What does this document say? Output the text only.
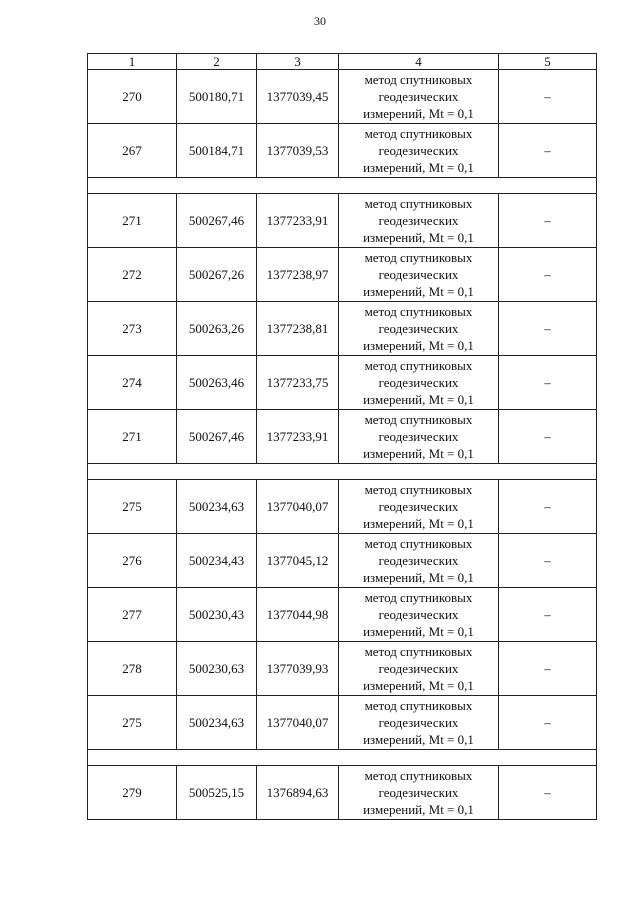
30
1	2	3	4	5
270	500180,71	1377039,45	метод спутниковых
геодезических
измерений, Mt = 0,1	–
267	500184,71	1377039,53	метод спутниковых
геодезических
измерений, Mt = 0,1	–

271	500267,46	1377233,91	метод спутниковых
геодезических
измерений, Mt = 0,1	–
272	500267,26	1377238,97	метод спутниковых
геодезических
измерений, Mt = 0,1	–
273	500263,26	1377238,81	метод спутниковых
геодезических
измерений, Mt = 0,1	–
274	500263,46	1377233,75	метод спутниковых
геодезических
измерений, Mt = 0,1	–
271	500267,46	1377233,91	метод спутниковых
геодезических
измерений, Mt = 0,1	–

275	500234,63	1377040,07	метод спутниковых
геодезических
измерений, Mt = 0,1	–
276	500234,43	1377045,12	метод спутниковых
геодезических
измерений, Mt = 0,1	–
277	500230,43	1377044,98	метод спутниковых
геодезических
измерений, Mt = 0,1	–
278	500230,63	1377039,93	метод спутниковых
геодезических
измерений, Mt = 0,1	–
275	500234,63	1377040,07	метод спутниковых
геодезических
измерений, Mt = 0,1	–

279	500525,15	1376894,63	метод спутниковых
геодезических
измерений, Mt = 0,1	–
